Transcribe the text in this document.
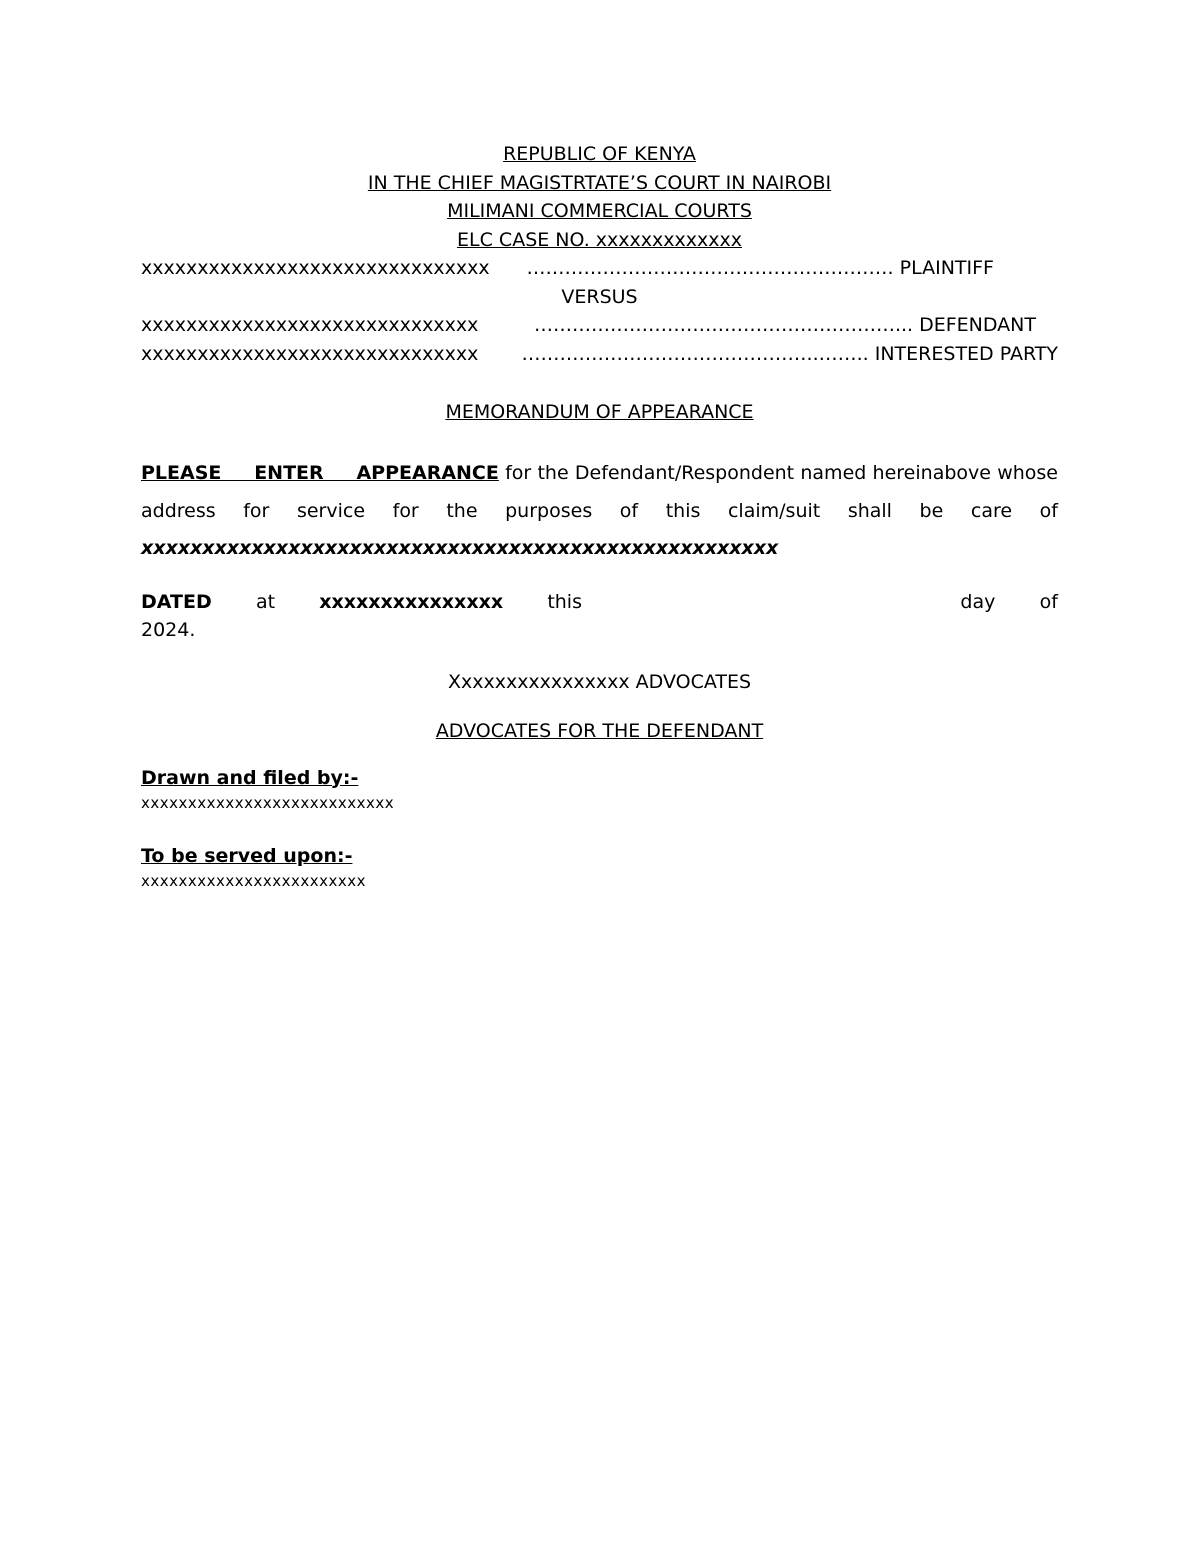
REPUBLIC OF KENYA
IN THE CHIEF MAGISTRTATE’S COURT IN NAIROBI
MILIMANI COMMERCIAL COURTS
ELC CASE NO. xxxxxxxxxxxxx
xxxxxxxxxxxxxxxxxxxxxxxxxxxxxxx …………………………………………………. PLAINTIFF
VERSUS
xxxxxxxxxxxxxxxxxxxxxxxxxxxxxx	…………………………………………………... DEFENDANT
xxxxxxxxxxxxxxxxxxxxxxxxxxxxxx ………………………………………..…….. INTERESTED PARTY
MEMORANDUM OF APPEARANCE
PLEASE ENTER APPEARANCE for the Defendant/Respondent named hereinabove whose address for service for the purposes of this claim/suit shall be care of xxxxxxxxxxxxxxxxxxxxxxxxxxxxxxxxxxxxxxxxxxxxxxxxxxxx
DATED at xxxxxxxxxxxxxxx this	day of
2024.
Xxxxxxxxxxxxxxxx ADVOCATES
ADVOCATES FOR THE DEFENDANT
Drawn and filed by:-
xxxxxxxxxxxxxxxxxxxxxxxxxxx
To be served upon:-
xxxxxxxxxxxxxxxxxxxxxxxx
